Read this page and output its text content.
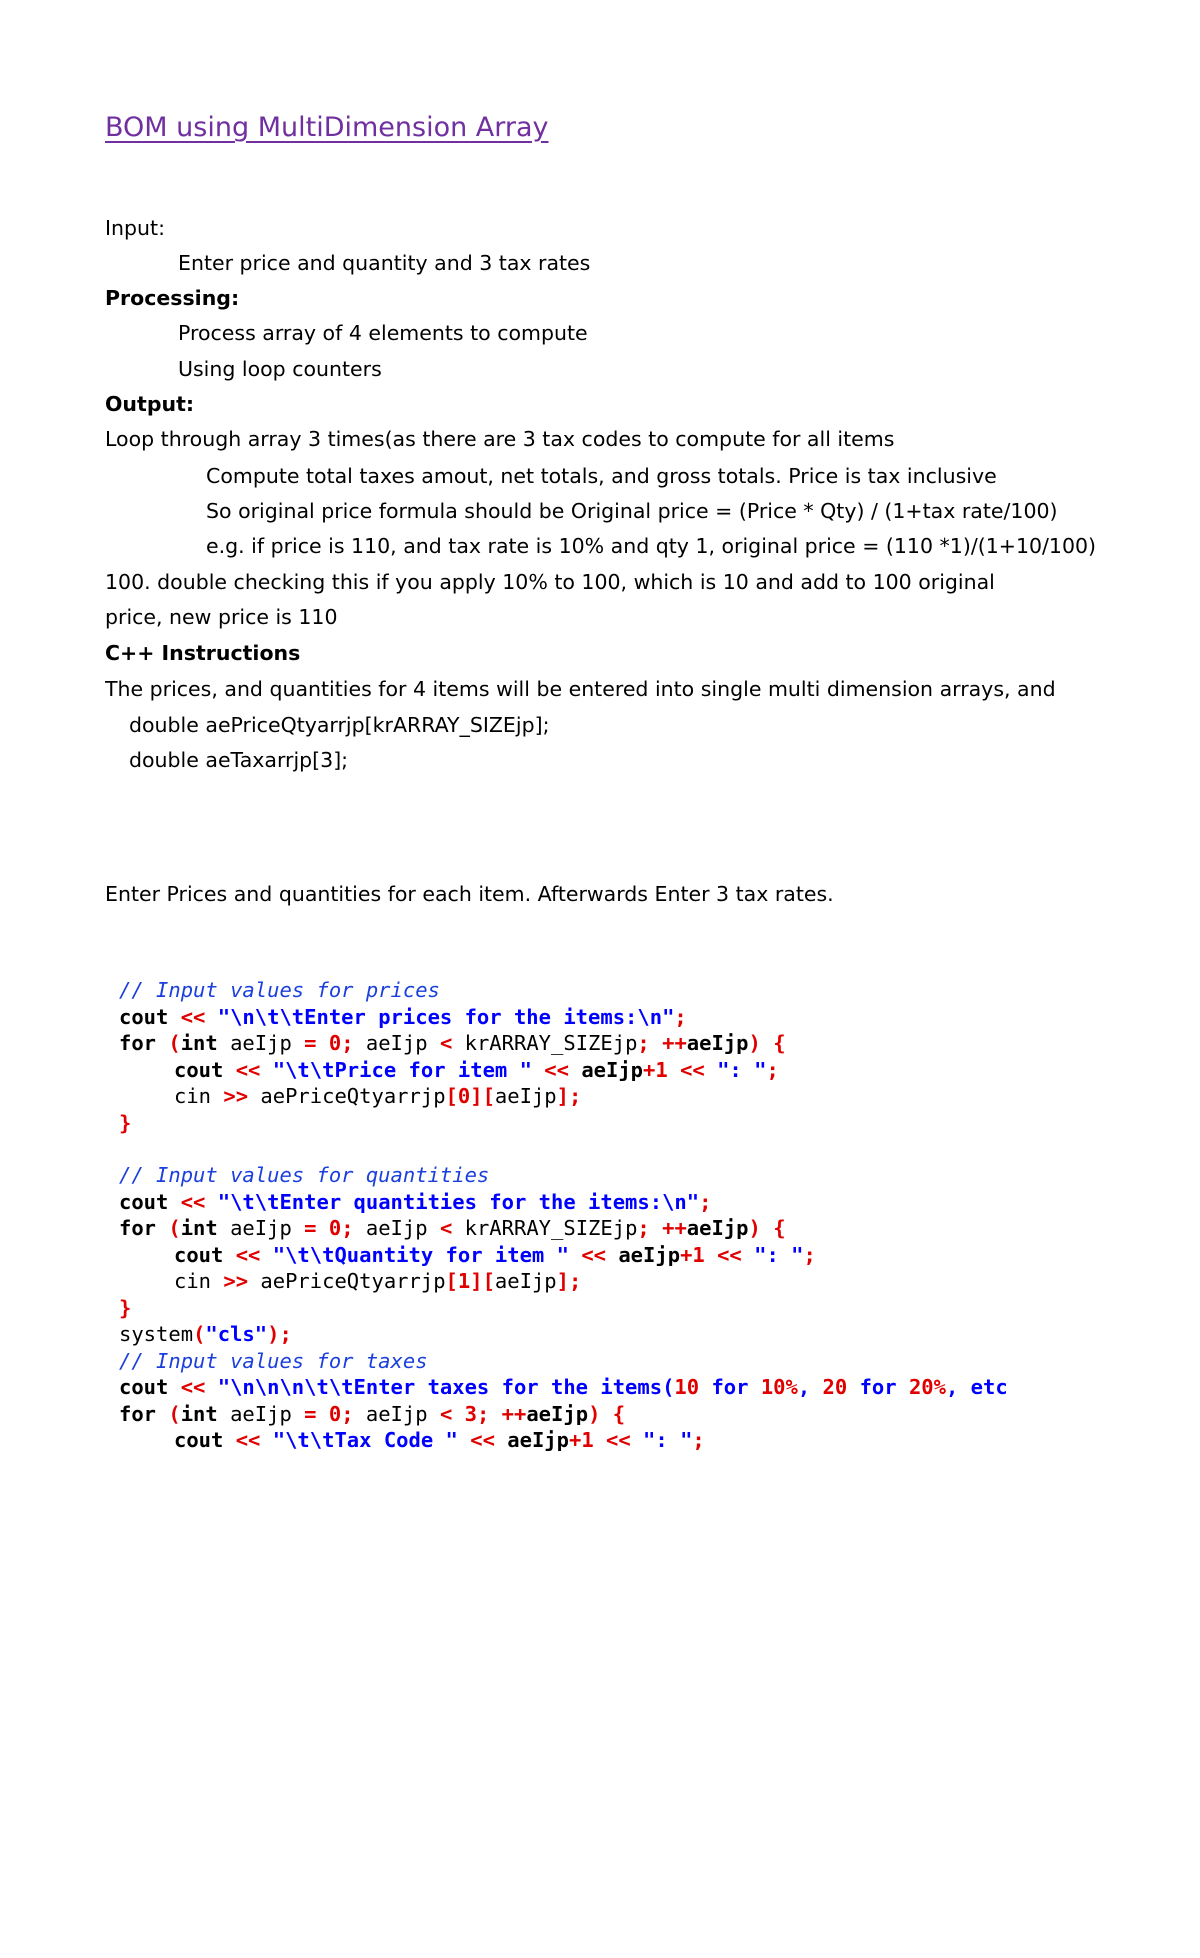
BOM using MultiDimension Array
Input:
Enter price and quantity and 3 tax rates
Processing:
Process array of 4 elements to compute
Using loop counters
Output:
Loop through array 3 times(as there are 3 tax codes to compute for all items
Compute total taxes amout, net totals, and gross totals. Price is tax inclusive
So original price formula should be Original price = (Price * Qty) / (1+tax rate/100)
e.g. if price is 110, and tax rate is 10% and qty 1, original price = (110 *1)/(1+10/100)
100. double checking this if you apply 10% to 100, which is 10 and add to 100 original
price, new price is 110
C++ Instructions
The prices, and quantities for 4 items will be entered into single multi dimension arrays, and
double aePriceQtyarrjp[krARRAY_SIZEjp];
double aeTaxarrjp[3];
Enter Prices and quantities for each item. Afterwards Enter 3 tax rates.

// Input values for prices

cout << "\n\t\tEnter prices for the items:\n";

for (int aeIjp = 0; aeIjp < krARRAY_SIZEjp; ++aeIjp) {

cout << "\t\tPrice for item " << aeIjp+1 << ": ";

cin >> aePriceQtyarrjp[0][aeIjp];

}

// Input values for quantities

cout << "\t\tEnter quantities for the items:\n";

for (int aeIjp = 0; aeIjp < krARRAY_SIZEjp; ++aeIjp) {

cout << "\t\tQuantity for item " << aeIjp+1 << ": ";

cin >> aePriceQtyarrjp[1][aeIjp];

}

system("cls");

// Input values for taxes

cout << "\n\n\n\t\tEnter taxes for the items(10 for 10%, 20 for 20%, etc

for (int aeIjp = 0; aeIjp < 3; ++aeIjp) {

cout << "\t\tTax Code " << aeIjp+1 << ": ";
